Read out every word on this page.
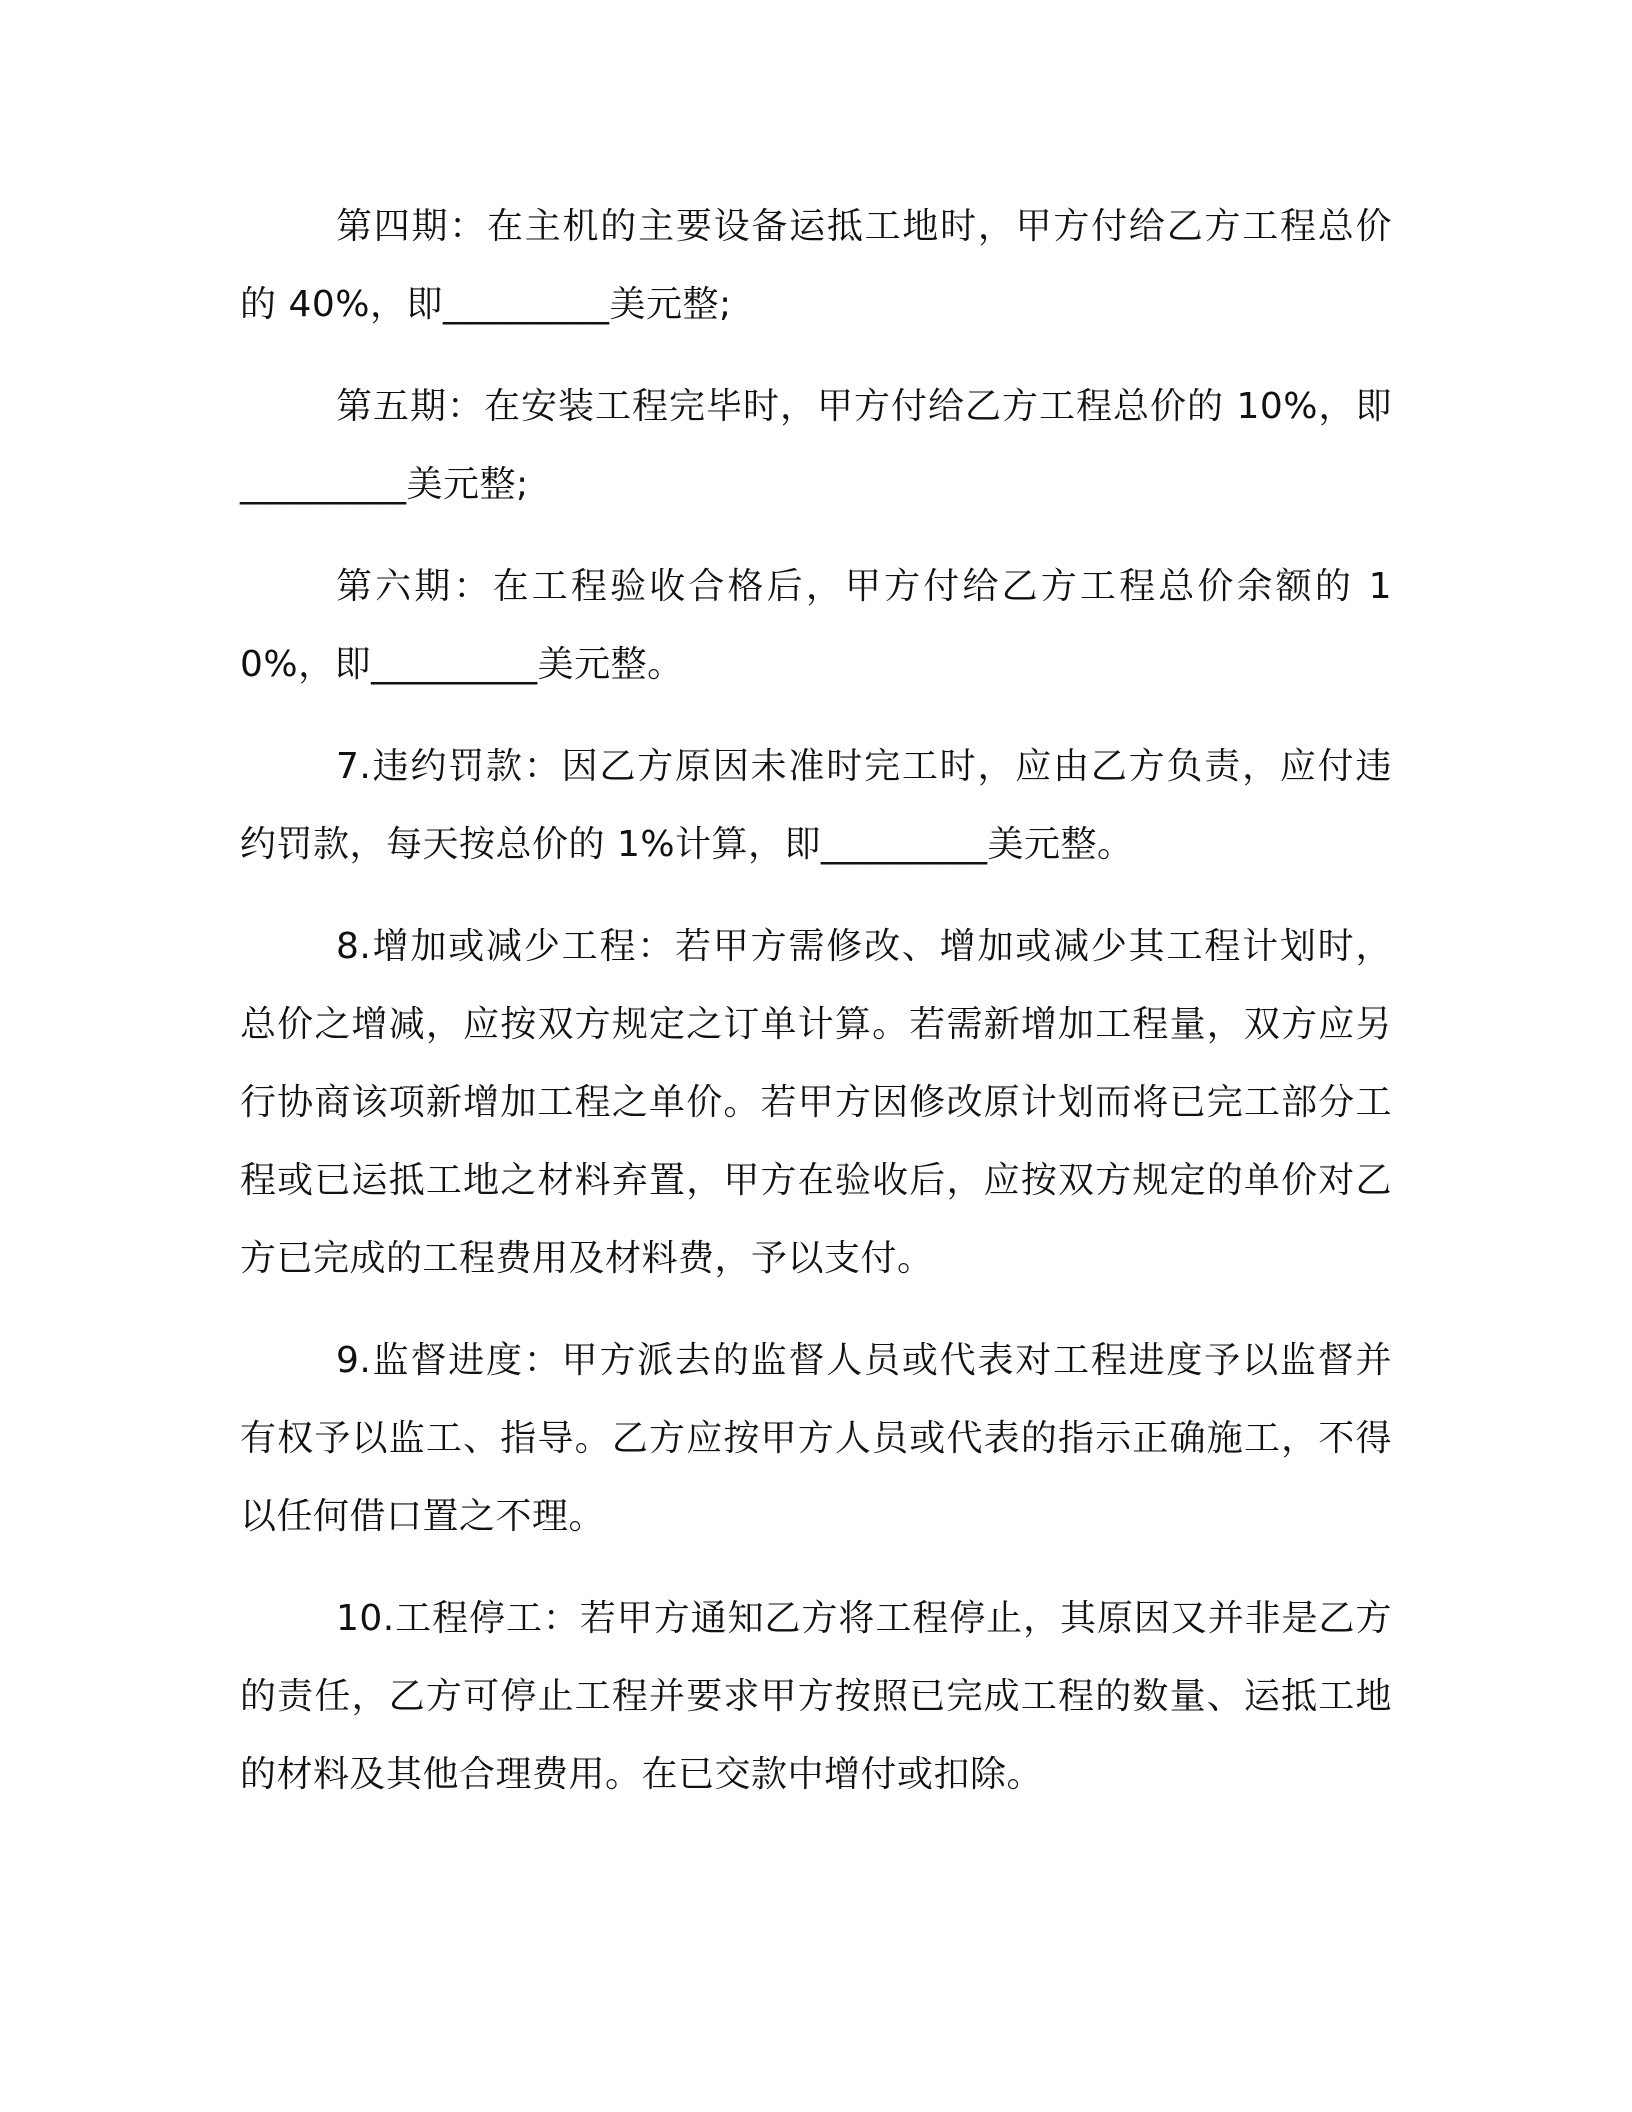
第四期：在主机的主要设备运抵工地时，甲方付给乙方工程总价的 40%，即_________美元整;

第五期：在安装工程完毕时，甲方付给乙方工程总价的 10%，即_________美元整;

第六期：在工程验收合格后，甲方付给乙方工程总价余额的 10%，即_________美元整。

7.违约罚款：因乙方原因未准时完工时，应由乙方负责，应付违约罚款，每天按总价的 1%计算，即_________美元整。

8.增加或减少工程：若甲方需修改、增加或减少其工程计划时，总价之增减，应按双方规定之订单计算。若需新增加工程量，双方应另行协商该项新增加工程之单价。若甲方因修改原计划而将已完工部分工程或已运抵工地之材料弃置，甲方在验收后，应按双方规定的单价对乙方已完成的工程费用及材料费，予以支付。

9.监督进度：甲方派去的监督人员或代表对工程进度予以监督并有权予以监工、指导。乙方应按甲方人员或代表的指示正确施工，不得以任何借口置之不理。

10.工程停工：若甲方通知乙方将工程停止，其原因又并非是乙方的责任，乙方可停止工程并要求甲方按照已完成工程的数量、运抵工地的材料及其他合理费用。在已交款中增付或扣除。
